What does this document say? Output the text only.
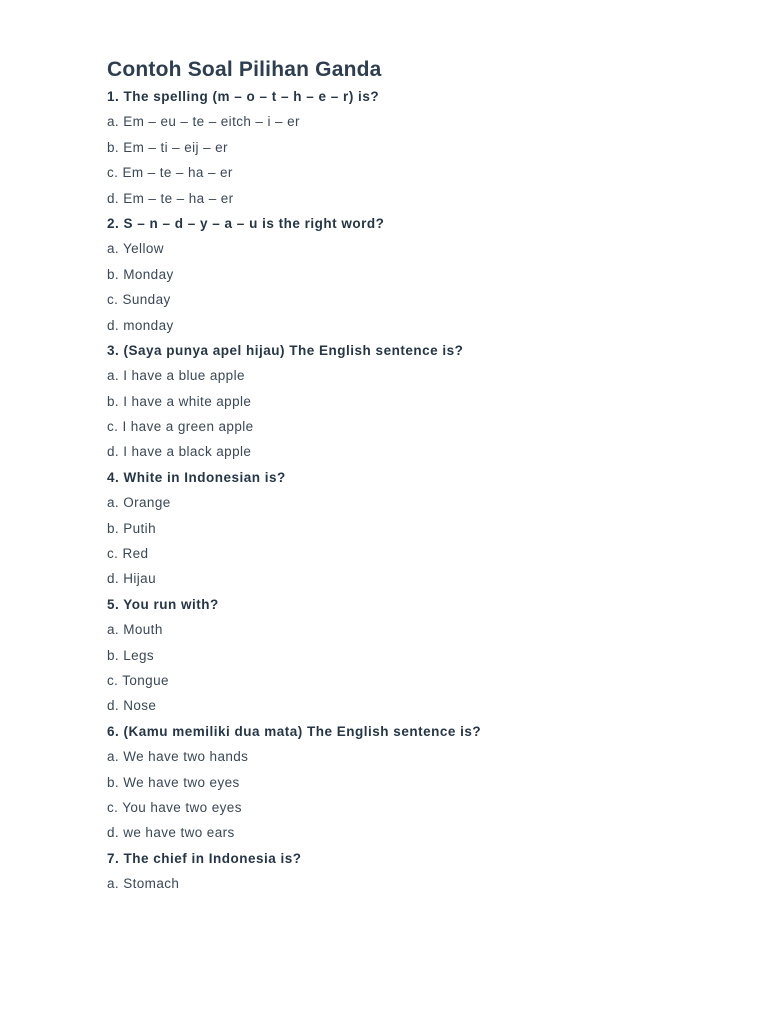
Contoh Soal Pilihan Ganda
1. The spelling (m – o – t – h – e – r) is?
a. Em – eu – te – eitch – i – er
b. Em – ti – eij – er
c. Em – te – ha – er
d. Em – te – ha – er
2. S – n – d – y – a – u is the right word?
a. Yellow
b. Monday
c. Sunday
d. monday
3. (Saya punya apel hijau) The English sentence is?
a. I have a blue apple
b. I have a white apple
c. I have a green apple
d. I have a black apple
4. White in Indonesian is?
a. Orange
b. Putih
c. Red
d. Hijau
5. You run with?
a. Mouth
b. Legs
c. Tongue
d. Nose
6. (Kamu memiliki dua mata) The English sentence is?
a. We have two hands
b. We have two eyes
c. You have two eyes
d. we have two ears
7. The chief in Indonesia is?
a. Stomach
